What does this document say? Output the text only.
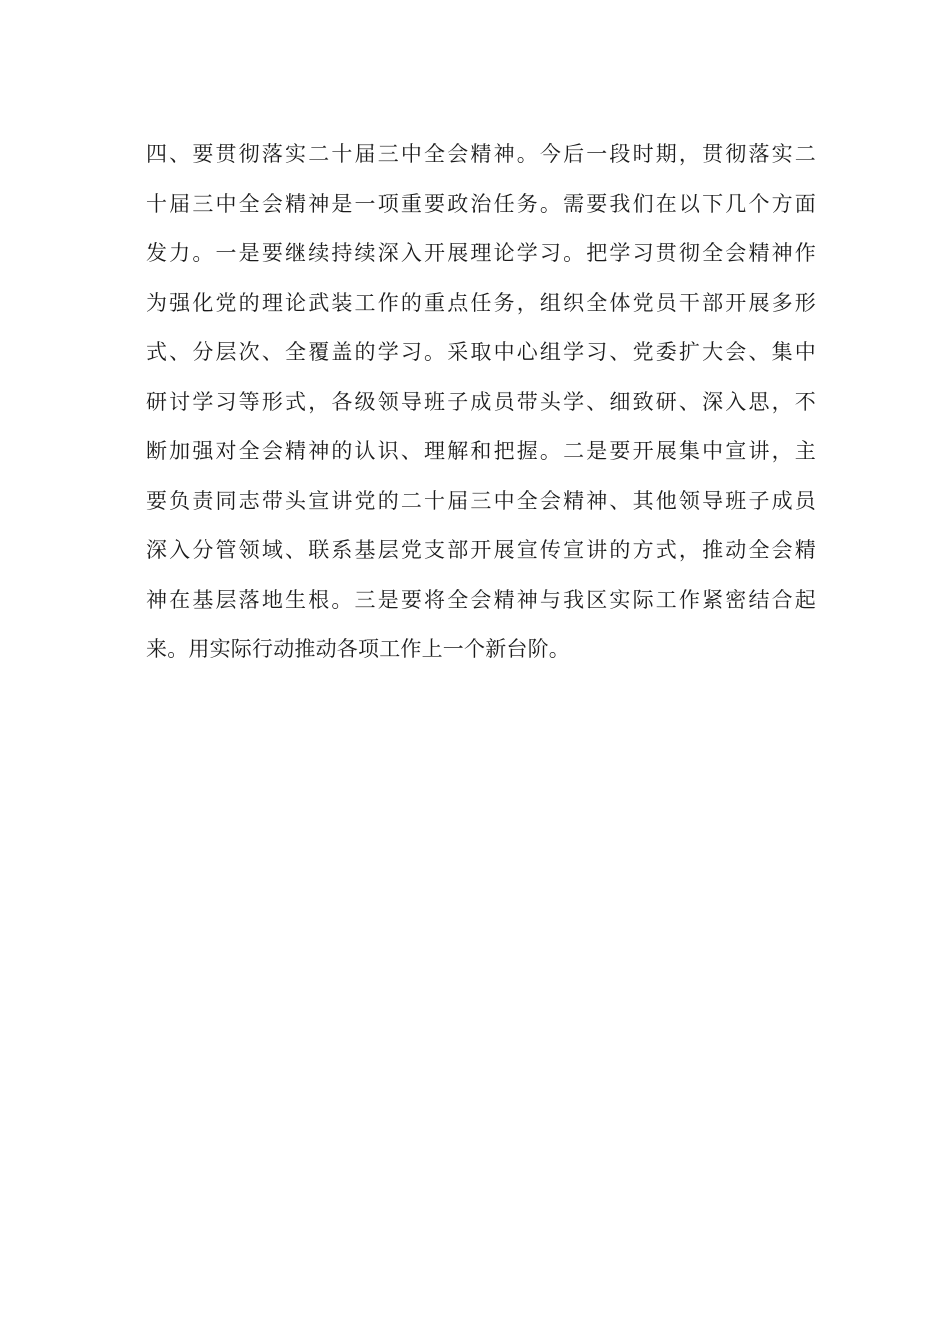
四、要贯彻落实二十届三中全会精神。今后一段时期，贯彻落实二
十届三中全会精神是一项重要政治任务。需要我们在以下几个方面
发力。一是要继续持续深入开展理论学习。把学习贯彻全会精神作
为强化党的理论武装工作的重点任务，组织全体党员干部开展多形
式、分层次、全覆盖的学习。采取中心组学习、党委扩大会、集中
研讨学习等形式，各级领导班子成员带头学、细致研、深入思，不
断加强对全会精神的认识、理解和把握。二是要开展集中宣讲，主
要负责同志带头宣讲党的二十届三中全会精神、其他领导班子成员
深入分管领域、联系基层党支部开展宣传宣讲的方式，推动全会精
神在基层落地生根。三是要将全会精神与我区实际工作紧密结合起
来。用实际行动推动各项工作上一个新台阶。
